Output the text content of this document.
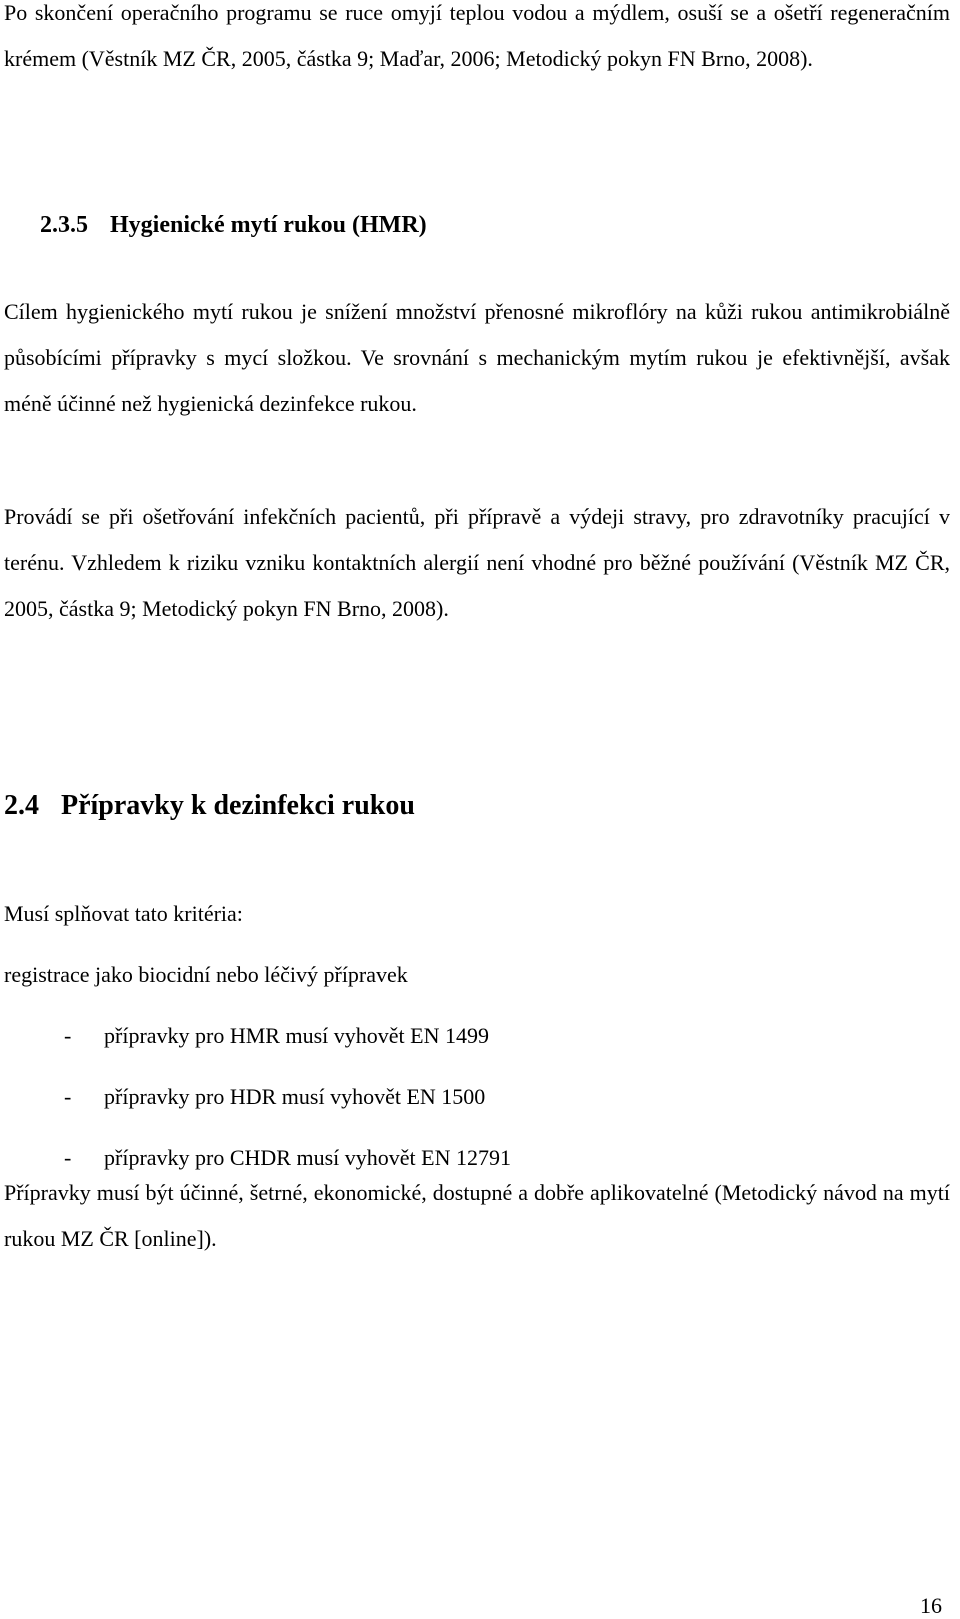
Po skončení operačního programu se ruce omyjí teplou vodou a mýdlem, osuší se a ošetří regeneračním krémem (Věstník MZ ČR, 2005, částka 9; Maďar, 2006; Metodický pokyn FN Brno, 2008).

2.3.5 Hygienické mytí rukou (HMR)

Cílem hygienického mytí rukou je snížení množství přenosné mikroflóry na kůži rukou antimikrobiálně působícími přípravky s mycí složkou. Ve srovnání s mechanickým mytím rukou je efektivnější, avšak méně účinné než hygienická dezinfekce rukou.

Provádí se při ošetřování infekčních pacientů, při přípravě a výdeji stravy, pro zdravotníky pracující v terénu. Vzhledem k riziku vzniku kontaktních alergií není vhodné pro běžné používání (Věstník MZ ČR, 2005, částka 9; Metodický pokyn FN Brno, 2008).

2.4 Přípravky k dezinfekci rukou

Musí splňovat tato kritéria:

registrace jako biocidní nebo léčivý přípravek

- přípravky pro HMR musí vyhovět EN 1499

- přípravky pro HDR musí vyhovět EN 1500

- přípravky pro CHDR musí vyhovět EN 12791

Přípravky musí být účinné, šetrné, ekonomické, dostupné a dobře aplikovatelné (Metodický návod na mytí rukou MZ ČR [online]).

16
